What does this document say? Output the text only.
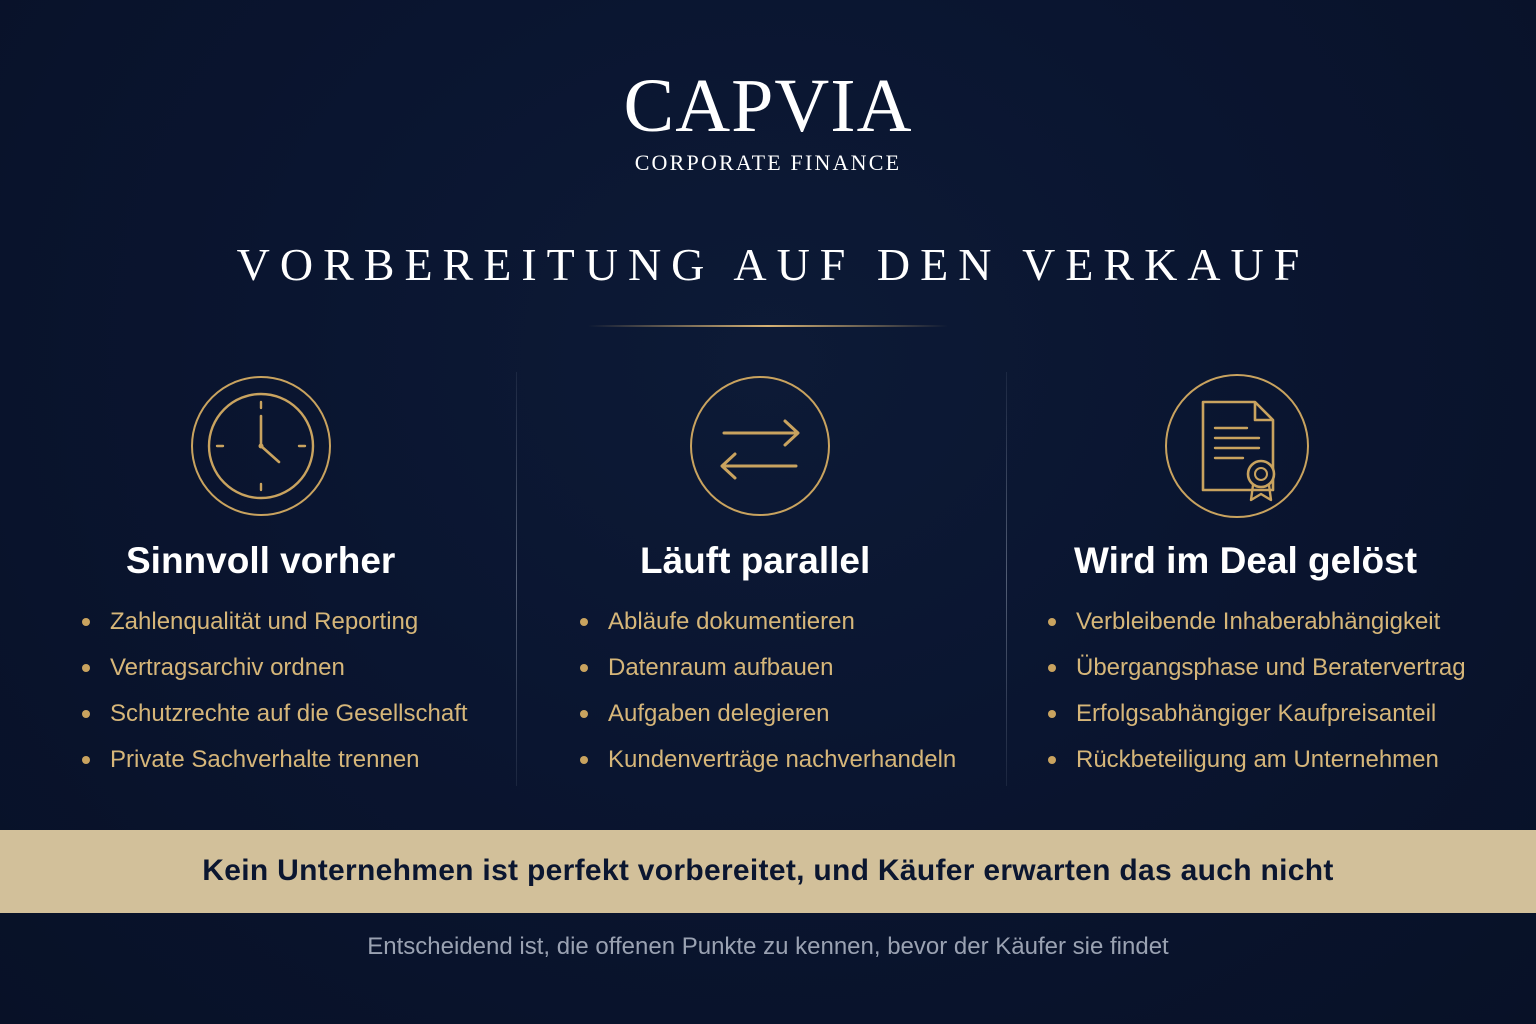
CAPVIA
CORPORATE FINANCE
VORBEREITUNG AUF DEN VERKAUF
Sinnvoll vorher
Zahlenqualität und Reporting
Vertragsarchiv ordnen
Schutzrechte auf die Gesellschaft
Private Sachverhalte trennen
Läuft parallel
Abläufe dokumentieren
Datenraum aufbauen
Aufgaben delegieren
Kundenverträge nachverhandeln
Wird im Deal gelöst
Verbleibende Inhaberabhängigkeit
Übergangsphase und Beratervertrag
Erfolgsabhängiger Kaufpreisanteil
Rückbeteiligung am Unternehmen
Kein Unternehmen ist perfekt vorbereitet, und Käufer erwarten das auch nicht
Entscheidend ist, die offenen Punkte zu kennen, bevor der Käufer sie findet
